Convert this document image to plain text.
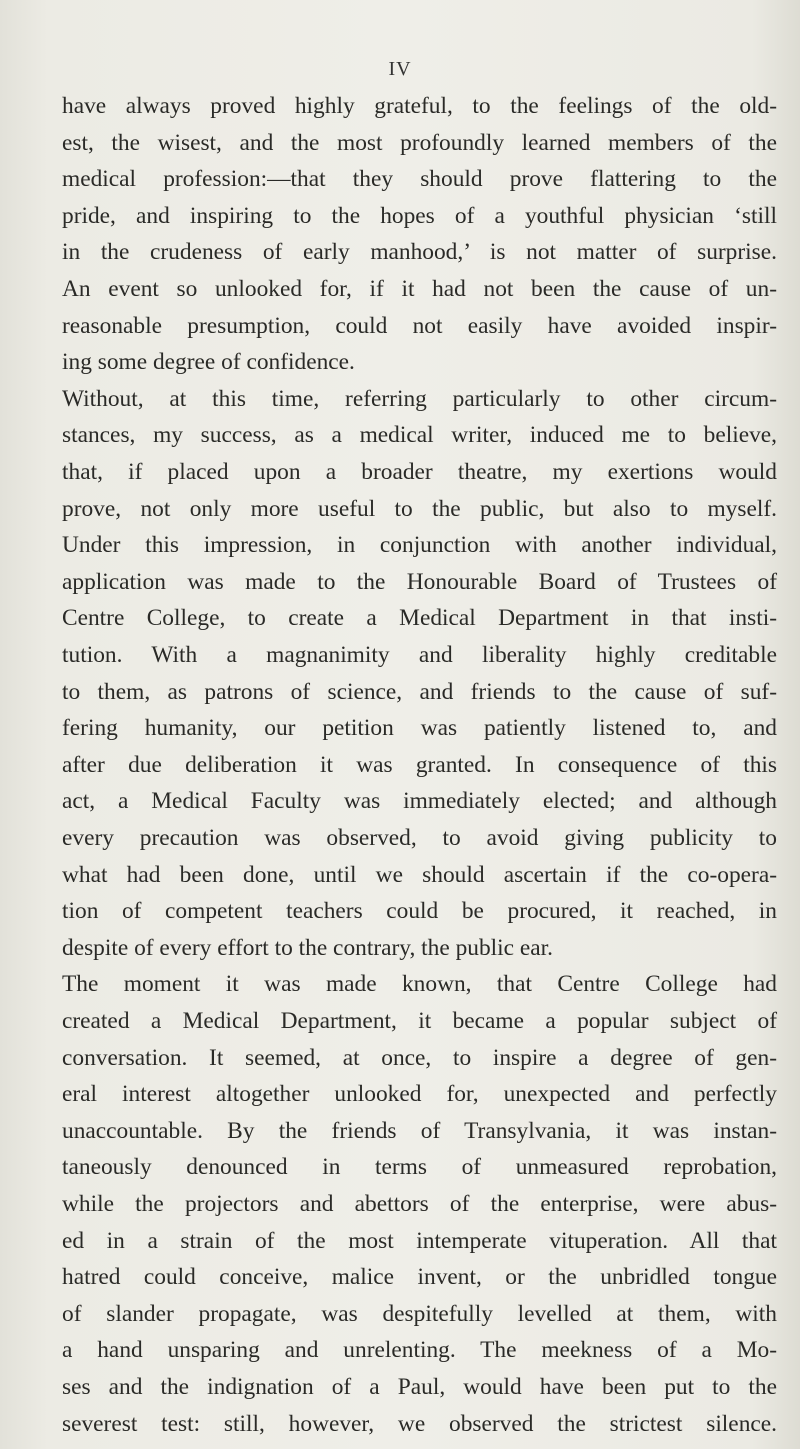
IV
have always proved highly grateful, to the feelings of the old-
est, the wisest, and the most profoundly learned members of the
medical profession:—that they should prove flattering to the
pride, and inspiring to the hopes of a youthful physician ‘still
in the crudeness of early manhood,’ is not matter of surprise.
An event so unlooked for, if it had not been the cause of un-
reasonable presumption, could not easily have avoided inspir-
ing some degree of confidence.
Without, at this time, referring particularly to other circum-
stances, my success, as a medical writer, induced me to believe,
that, if placed upon a broader theatre, my exertions would
prove, not only more useful to the public, but also to myself.
Under this impression, in conjunction with another individual,
application was made to the Honourable Board of Trustees of
Centre College, to create a Medical Department in that insti-
tution. With a magnanimity and liberality highly creditable
to them, as patrons of science, and friends to the cause of suf-
fering humanity, our petition was patiently listened to, and
after due deliberation it was granted. In consequence of this
act, a Medical Faculty was immediately elected; and although
every precaution was observed, to avoid giving publicity to
what had been done, until we should ascertain if the co-opera-
tion of competent teachers could be procured, it reached, in
despite of every effort to the contrary, the public ear.
The moment it was made known, that Centre College had
created a Medical Department, it became a popular subject of
conversation. It seemed, at once, to inspire a degree of gen-
eral interest altogether unlooked for, unexpected and perfectly
unaccountable. By the friends of Transylvania, it was instan-
taneously denounced in terms of unmeasured reprobation,
while the projectors and abettors of the enterprise, were abus-
ed in a strain of the most intemperate vituperation. All that
hatred could conceive, malice invent, or the unbridled tongue
of slander propagate, was despitefully levelled at them, with
a hand unsparing and unrelenting. The meekness of a Mo-
ses and the indignation of a Paul, would have been put to the
severest test: still, however, we observed the strictest silence.
